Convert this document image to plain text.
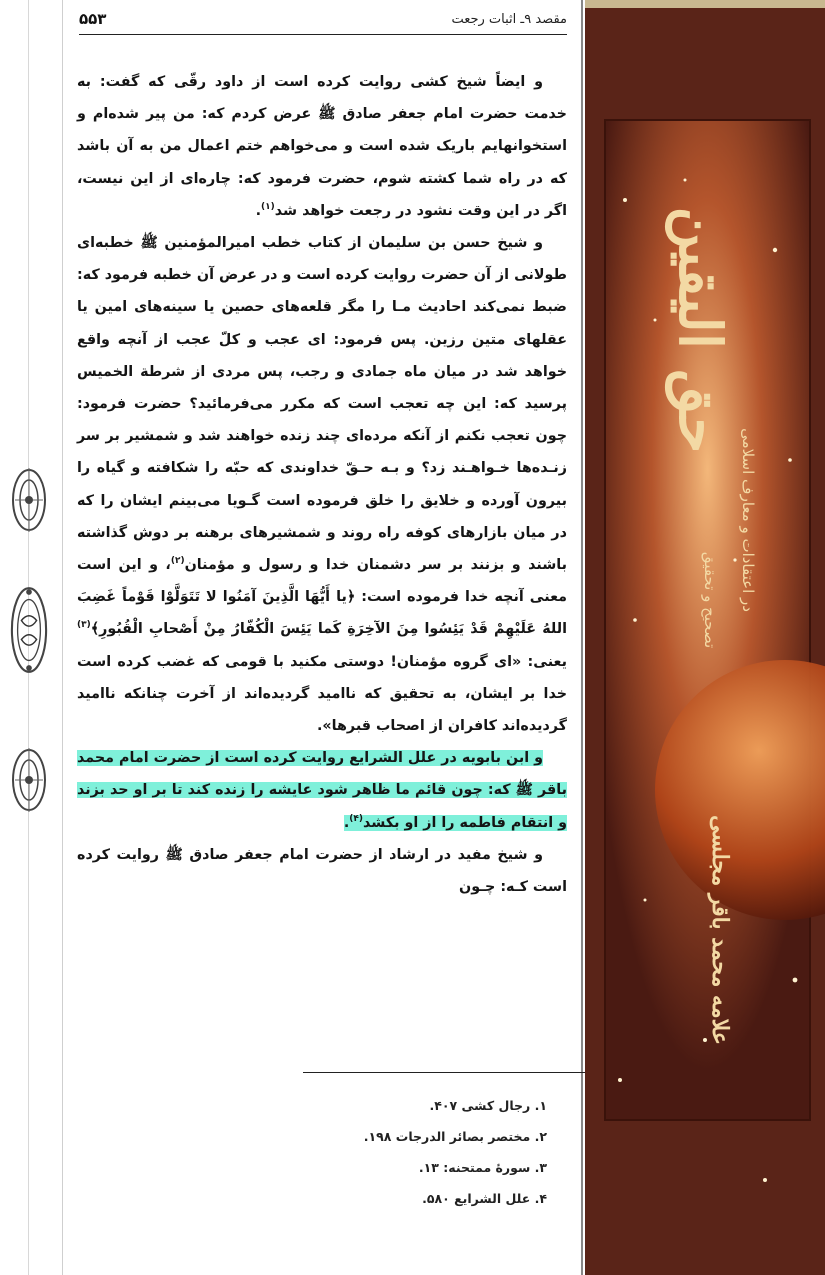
مقصد ۹ـ اثبات رجعت
۵۵۳

و ایضاً شیخ کشی روایت کرده است از داود رقّی که گفت: به خدمت حضرت امام جعفر صادق ﷺ عرض کردم که: من پیر شده‌ام و استخوانهایم باریک شده است و می‌خواهم ختم اعمال من به آن باشد که در راه شما کشته شوم، حضرت فرمود که: چاره‌ای از این نیست، اگر در این وقت نشود در رجعت خواهد شد$^{(۱)}$.

و شیخ حسن بن سلیمان از کتاب خطب امیرالمؤمنین ﷺ خطبه‌ای طولانی از آن حضرت روایت کرده است و در عرض آن خطبه فرمود که: ضبط نمی‌کند احادیث مـا را مگر قلعه‌های حصین یا سینه‌های امین یا عقلهای متین رزین. پس فرمود: ای عجب و کلّ عجب از آنچه واقع خواهد شد در میان ماه جمادی و رجب، پس مردی از شرطة الخمیس پرسید که: این چه تعجب است که مکرر می‌فرمائید؟ حضرت فرمود: چون تعجب نکنم از آنکه مرده‌ای چند زنده خواهند شد و شمشیر بر سر زنـده‌ها خـواهـند زد؟ و بـه حـقّ خداوندی که حبّه را شکافته و گیاه را بیرون آورده و خلایق را خلق فرموده است گـویا می‌بینم ایشان را که در میان بازارهای کوفه راه روند و شمشیرهای برهنه بر دوش گذاشته باشند و بزنند بر سر دشمنان خدا و رسول و مؤمنان$^{(۲)}$، و این است معنی آنچه خدا فرموده است: ﴿یا أَیُّهَا الَّذِینَ آمَنُوا لا تَتَوَلَّوْا قَوْماً غَضِبَ اللهُ عَلَیْهِمْ قَدْ یَئِسُوا مِنَ الآخِرَةِ کَما یَئِسَ الْکُفّارُ مِنْ أَصْحابِ الْقُبُورِ﴾$^{(۳)}$ یعنی: «ای گروه مؤمنان! دوستی مکنید با قومی که غضب کرده است خدا بر ایشان، به تحقیق که ناامید گردیده‌اند از آخرت چنانکه ناامید گردیده‌اند کافران از اصحاب قبرها».

و ابن بابویه در علل الشرایع روایت کرده است از حضرت امام محمد باقر ﷺ که: چون قائم ما ظاهر شود عایشه را زنده کند تا بر او حد بزند و انتقام فاطمه را از او بکشد$^{(۴)}$.

و شیخ مفید در ارشاد از حضرت امام جعفر صادق ﷺ روایت کرده است کـه: چـون

۱. رجال کشی ۴۰۷.
۲. مختصر بصائر الدرجات ۱۹۸.
۳. سورهٔ ممتحنه: ۱۳.
۴. علل الشرایع ۵۸۰.
حق الیقین
در اعتقادات و معارف اسلامی
تصحیح و تحقیق
علامه محمد باقر مجلسی
